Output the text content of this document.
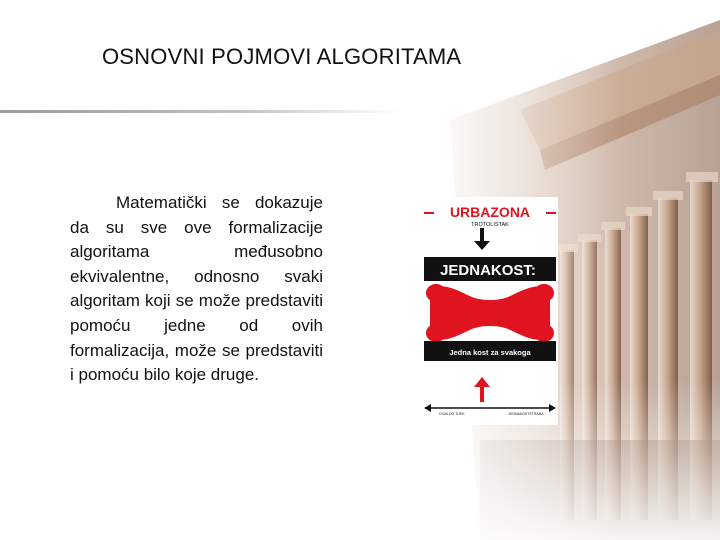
OSNOVNI POJMOVI ALGORITAMA
Matematički se dokazuje da su sve ove formalizacije algoritama međusobno ekvivalentne, odnosno svaki algoritam koji se može predstaviti pomoću jedne od ovih formalizacija, može se predstaviti i pomoću bilo koje druge.
URBAZONA
TROTOLISTAK
JEDNAKOST:
Jedna kost za svakoga
DIJALOG TIJEK	JEDNAKOSTSTRANA
